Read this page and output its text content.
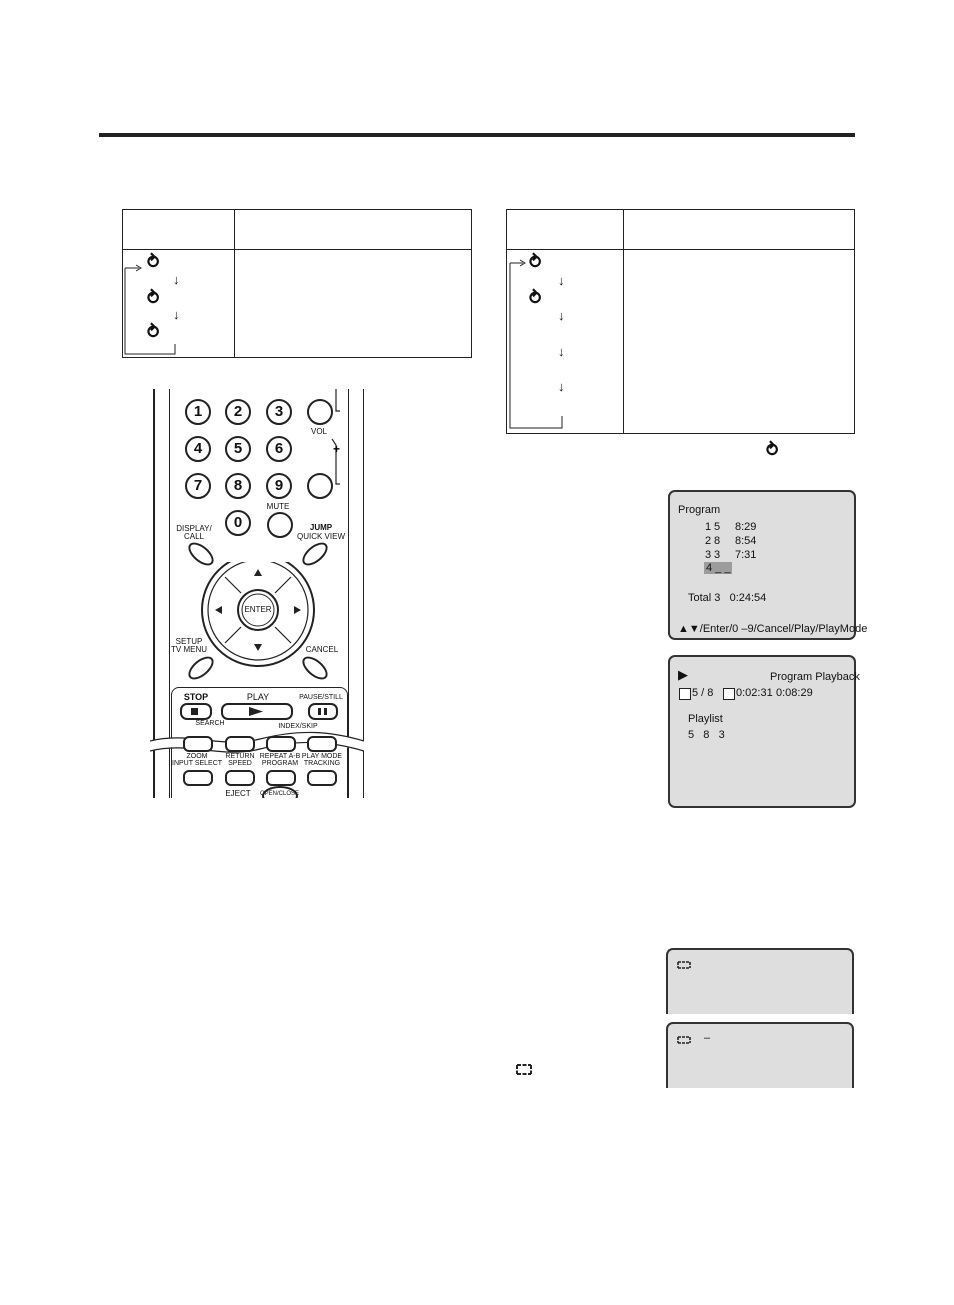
⥁
↓
⥁
↓
⥁
⥁
↓
⥁
↓
↓
↓
⥁
1	2	3
4	5	6
7	8	9
0
VOL
+
MUTE
DISPLAY/
CALL
JUMP
QUICK VIEW
ENTER
SETUP
TV MENU	CANCEL
STOP	PLAY	PAUSE/STILL
SEARCH	INDEX/SKIP
ZOOM
INPUT SELECT
RETURN
SPEED
REPEAT A-B
PROGRAM
PLAY MODE
TRACKING
EJECT	OPEN/CLOSE
Program
1 5 8:29
2 8 8:54
3 3 7:31
4 _ _
Total 3   0:24:54
▲▼/Enter/0 –9/Cancel/Play/PlayMode
▶	Program Playback
5 / 8 0:02:31 0:08:29
Playlist
5   8   3
–
